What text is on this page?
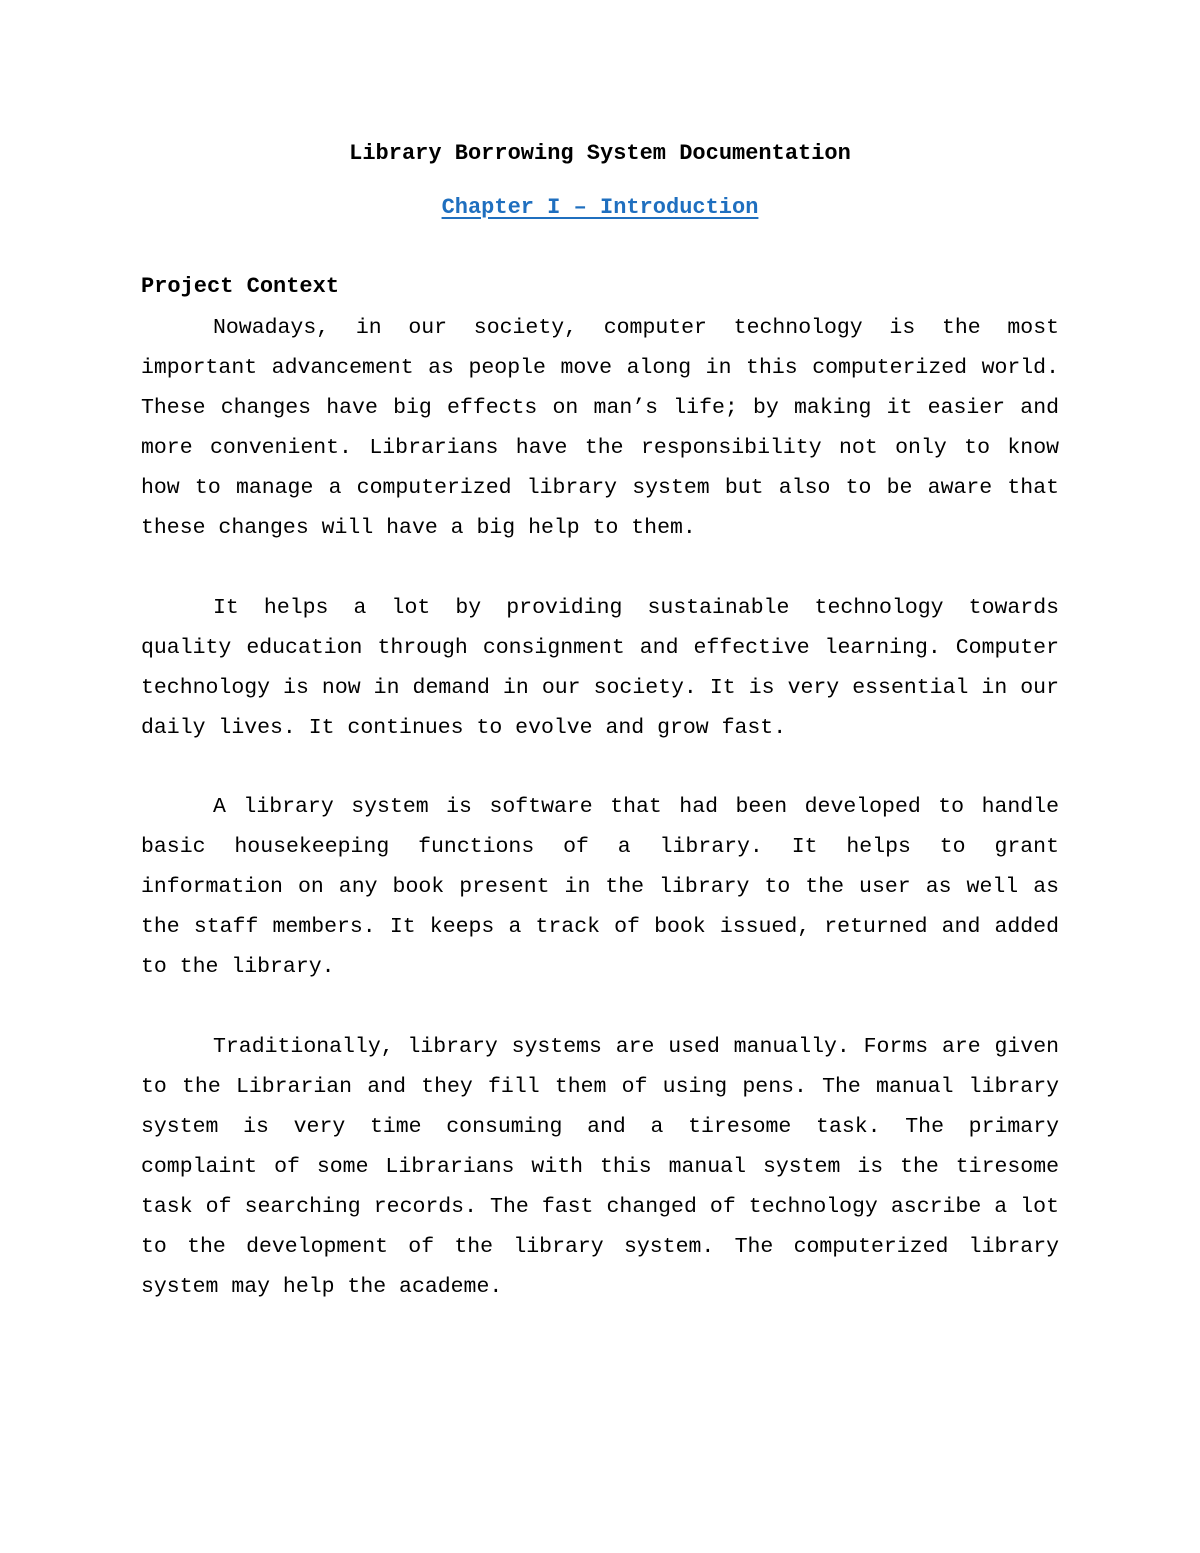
Library Borrowing System Documentation
Chapter I – Introduction
Project Context

Nowadays, in our society, computer technology is the most important advancement as people move along in this computerized world. These changes have big effects on man’s life; by making it easier and more convenient. Librarians have the responsibility not only to know how to manage a computerized library system but also to be aware that these changes will have a big help to them.

It helps a lot by providing sustainable technology towards quality education through consignment and effective learning. Computer technology is now in demand in our society. It is very essential in our daily lives. It continues to evolve and grow fast.

A library system is software that had been developed to handle basic housekeeping functions of a library. It helps to grant information on any book present in the library to the user as well as the staff members. It keeps a track of book issued, returned and added to the library.

Traditionally, library systems are used manually. Forms are given to the Librarian and they fill them of using pens. The manual library system is very time consuming and a tiresome task. The primary complaint of some Librarians with this manual system is the tiresome task of searching records. The fast changed of technology ascribe a lot to the development of the library system. The computerized library system may help the academe.
